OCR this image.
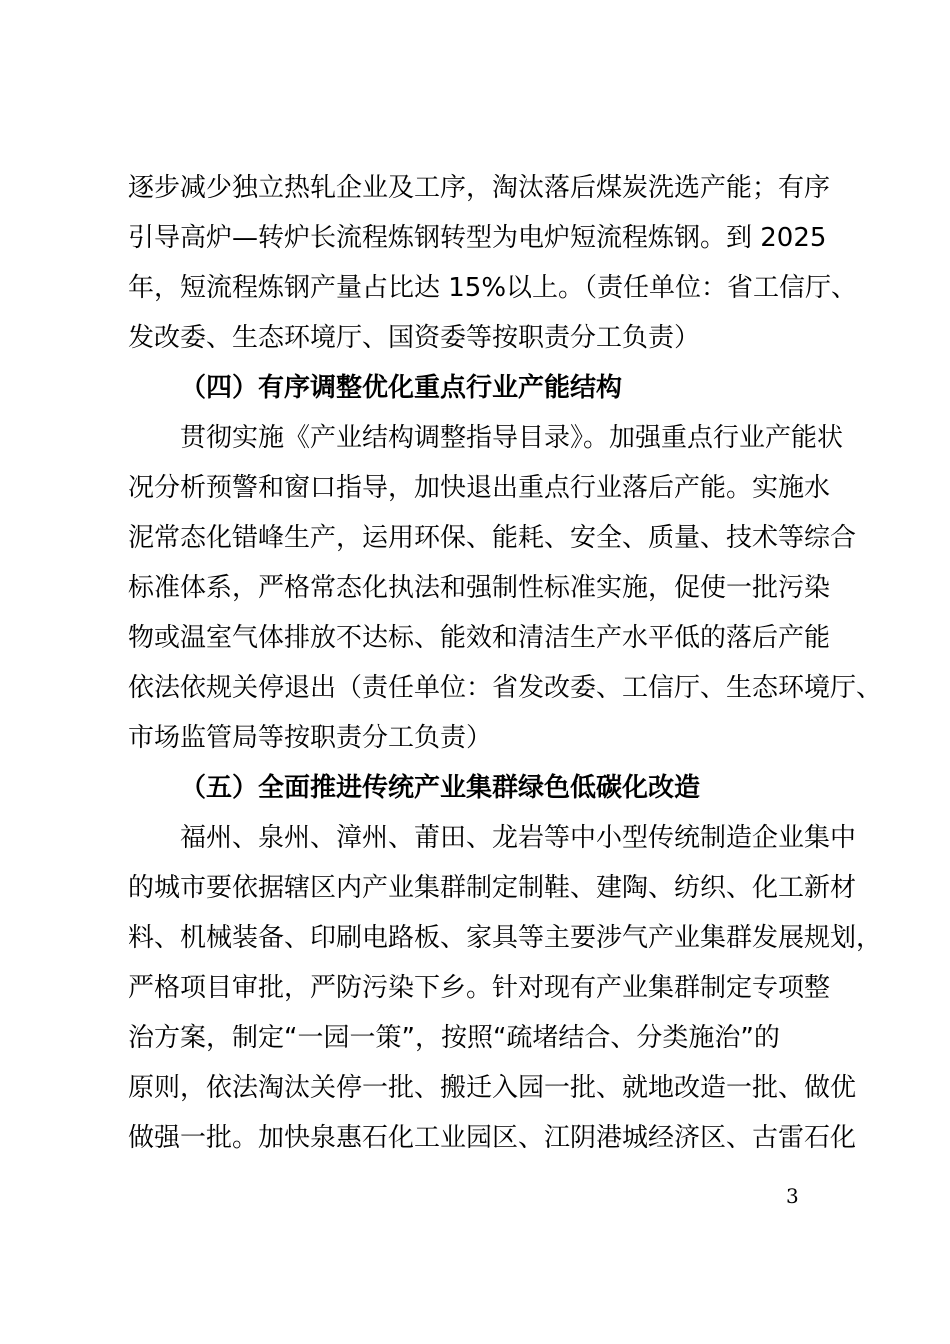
逐步减少独立热轧企业及工序，淘汰落后煤炭洗选产能；有序
引导高炉—转炉长流程炼钢转型为电炉短流程炼钢。到 2025
年，短流程炼钢产量占比达 15%以上。（责任单位：省工信厅、
发改委、生态环境厅、国资委等按职责分工负责）
（四）有序调整优化重点行业产能结构
贯彻实施《产业结构调整指导目录》。加强重点行业产能状
况分析预警和窗口指导，加快退出重点行业落后产能。实施水
泥常态化错峰生产，运用环保、能耗、安全、质量、技术等综合
标准体系，严格常态化执法和强制性标准实施，促使一批污染
物或温室气体排放不达标、能效和清洁生产水平低的落后产能
依法依规关停退出（责任单位：省发改委、工信厅、生态环境厅、
市场监管局等按职责分工负责）
（五）全面推进传统产业集群绿色低碳化改造
福州、泉州、漳州、莆田、龙岩等中小型传统制造企业集中
的城市要依据辖区内产业集群制定制鞋、建陶、纺织、化工新材
料、机械装备、印刷电路板、家具等主要涉气产业集群发展规划，
严格项目审批，严防污染下乡。针对现有产业集群制定专项整
治方案，制定“一园一策”，按照“疏堵结合、分类施治”的
原则，依法淘汰关停一批、搬迁入园一批、就地改造一批、做优
做强一批。加快泉惠石化工业园区、江阴港城经济区、古雷石化
3
